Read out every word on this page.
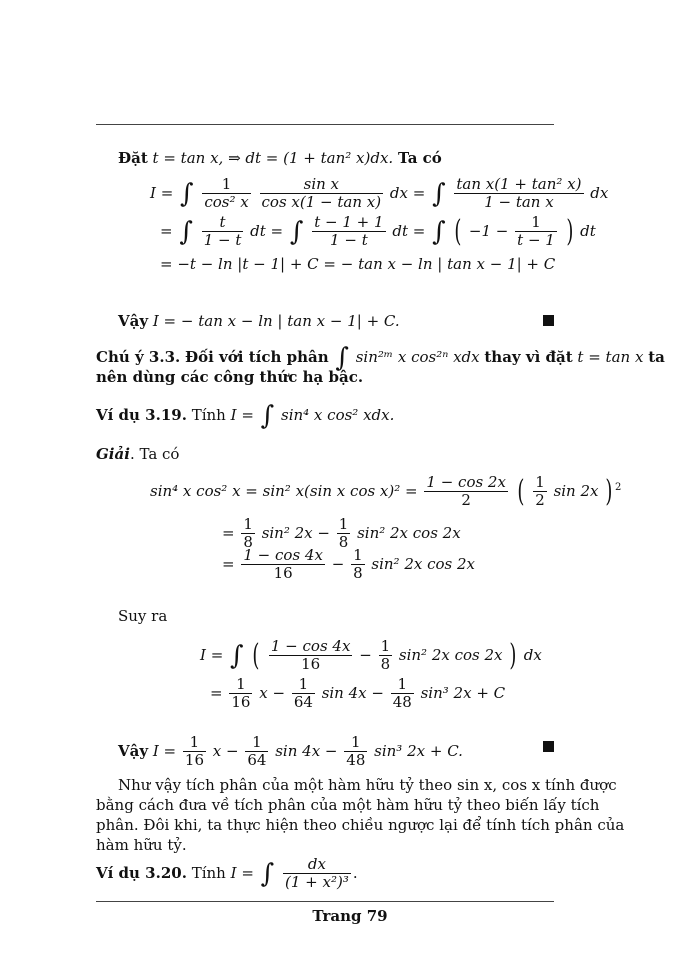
Đặt t = tan x, ⇒ dt = (1 + tan² x)dx. Ta có
I = ∫ $\frac{1}{\text{cos² x}}$
$\frac{\text{sin x}}{\text{cos x(1 − tan x)}}$ dx = ∫ $\frac{\text{tan x(1 + tan² x)}}{\text{1 − tan x}}$ dx
= ∫ $\frac{t}{1 - t}$ dt = ∫ $\frac{t - 1 + 1}{1 - t}$ dt = ∫ ( $-1 - \frac{1}{t - 1}$ ) dt
= −t − ln |t − 1| + C = − tan x − ln | tan x − 1| + C
Vậy I = − tan x − ln | tan x − 1| + C.
Chú ý 3.3. Đối với tích phân ∫ sin²ᵐ x cos²ⁿ xdx thay vì đặt t = tan x ta
nên dùng các công thức hạ bậc.
Ví dụ 3.19. Tính I = ∫ sin⁴ x cos² xdx.
Giải. Ta có
sin⁴ x cos² x = sin² x(sin x $\cos x)^2 = \frac{1 - \cos 2x}{2}$ ( $\frac{1}{2}$ sin 2x ) $^2$
= $\frac{1}{8} \sin^2$ $2x - \frac{1}{8} \sin^2$ 2x cos 2x
= $\frac{1 - \cos 4x}{16} - \frac{1}{8} \sin^2$ 2x cos 2x
Suy ra
I = ∫ ( $\frac{1 - \cos 4x}{16} - \frac{1}{8} \sin^2$ 2x cos 2x ) dx
= $\frac{1}{16}$ $x - \frac{1}{64}$ $\sin 4x - \frac{1}{48} \sin^3$ 2x + C
Vậy $I = \frac{1}{16}$ $x - \frac{1}{64}$ $\sin 4x - \frac{1}{48} \sin^3$ 2x + C.
Như vậy tích phân của một hàm hữu tỷ theo sin x, cos x tính được
bằng cách đưa về tích phân của một hàm hữu tỷ theo biến lấy tích
phân. Đôi khi, ta thực hiện theo chiều ngược lại để tính tích phân của
hàm hữu tỷ.
Ví dụ 3.20. Tính I = ∫ $\frac{dx}{\text{(1 + x²)³}}$ .
Trang 79
